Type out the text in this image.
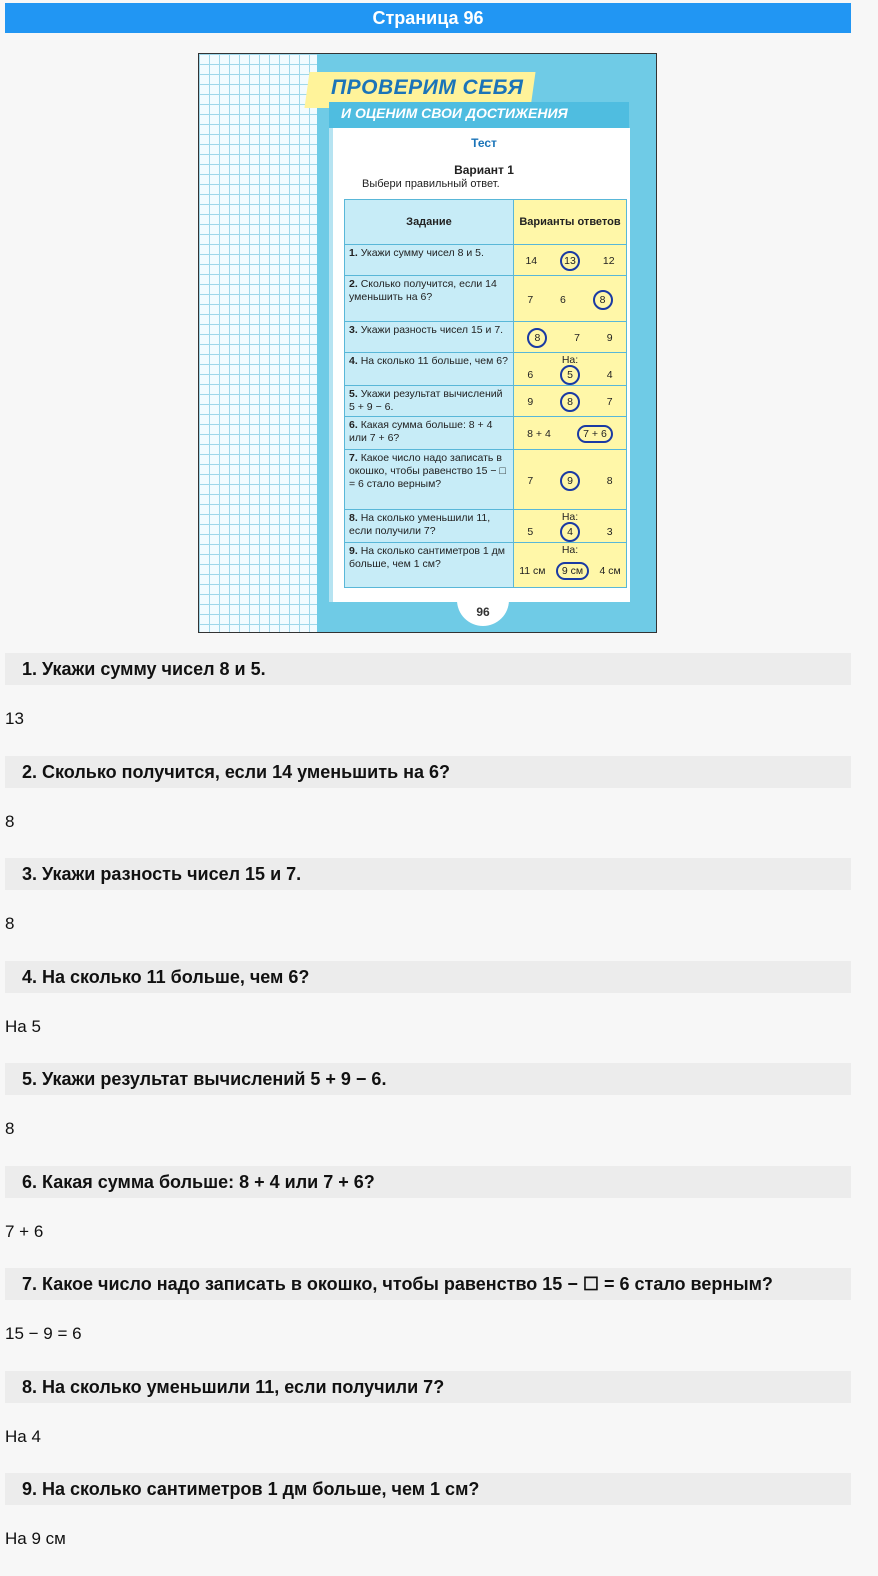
Страница 96
ПРОВЕРИМ СЕБЯ
И ОЦЕНИМ СВОИ ДОСТИЖЕНИЯ
Тест
Вариант 1
Выбери правильный ответ.
Задание	Варианты ответов
1. Укажи сумму чисел 8 и 5.	14 13 12

2. Сколько получится, если 14 уменьшить на 6?	7 6 8

3. Укажи разность чисел 15 и 7.	8 7 9

4. На сколько 11 больше, чем 6?	На:
6 5 4

5. Укажи результат вычислений 5 + 9 − 6.	9 8 7

6. Какая сумма больше: 8 + 4 или 7 + 6?	8 + 4 7 + 6

7. Какое число надо записать в окошко, чтобы равенство 15 − □ = 6 стало верным?	7 9 8

8. На сколько уменьшили 11, если получили 7?	На:
5 4 3

9. На сколько сантиметров 1 дм больше, чем 1 см?	На:
11 см 9 см 4 см
96
1. Укажи сумму чисел 8 и 5.
13
2. Сколько получится, если 14 уменьшить на 6?
8
3. Укажи разность чисел 15 и 7.
8
4. На сколько 11 больше, чем 6?
На 5
5. Укажи результат вычислений 5 + 9 − 6.
8
6. Какая сумма больше: 8 + 4 или 7 + 6?
7 + 6
7. Какое число надо записать в окошко, чтобы равенство 15 − ☐ = 6 стало верным?
15 − 9 = 6
8. На сколько уменьшили 11, если получили 7?
На 4
9. На сколько сантиметров 1 дм больше, чем 1 см?
На 9 см
